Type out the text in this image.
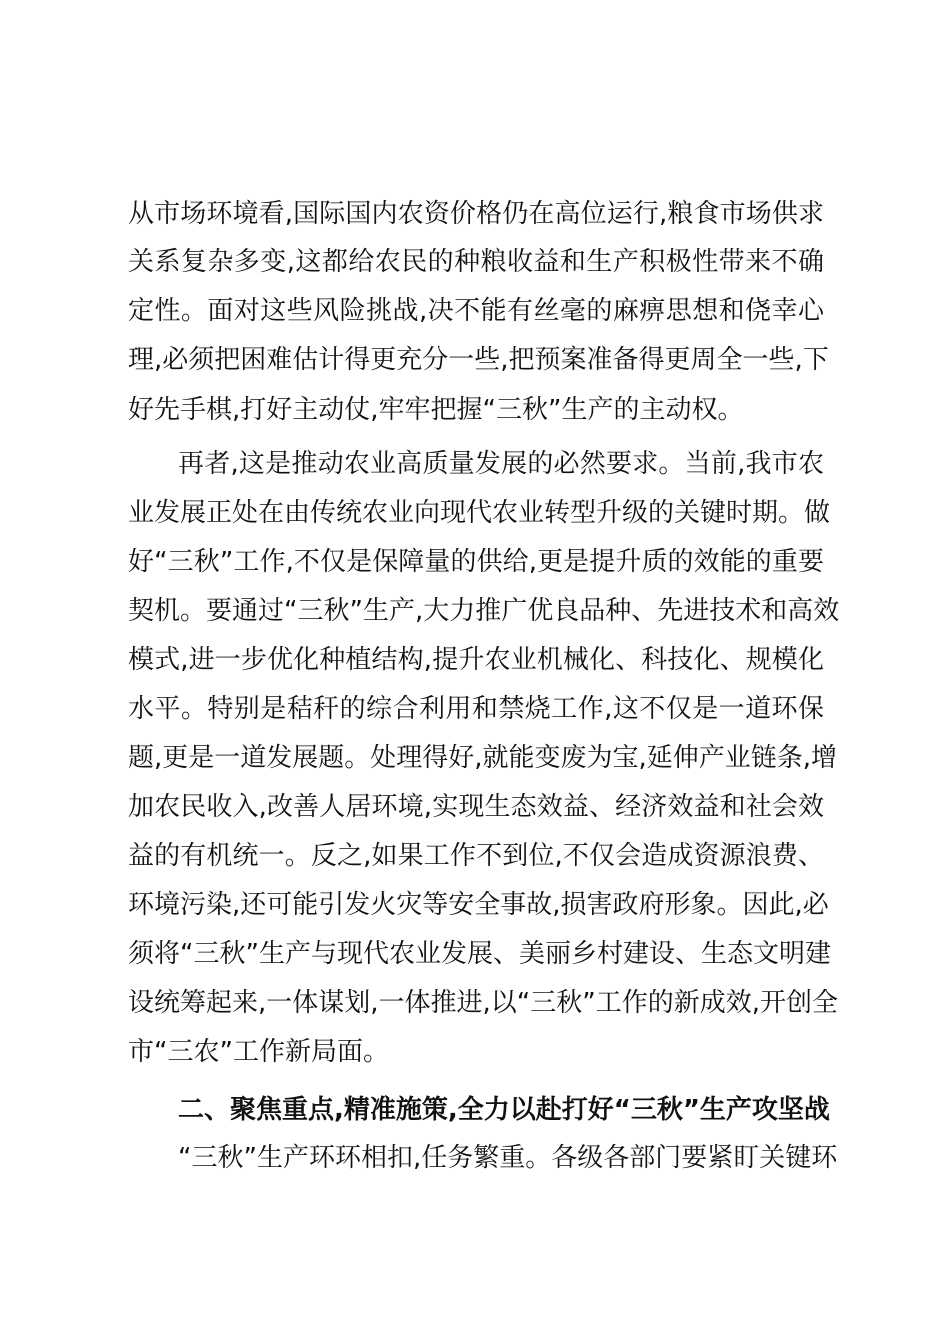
从市场环境看,国际国内农资价格仍在高位运行,粮食市场供求
关系复杂多变,这都给农民的种粮收益和生产积极性带来不确
定性。面对这些风险挑战,决不能有丝毫的麻痹思想和侥幸心
理,必须把困难估计得更充分一些,把预案准备得更周全一些,下
好先手棋,打好主动仗,牢牢把握“三秋”生产的主动权。
再者,这是推动农业高质量发展的必然要求。当前,我市农
业发展正处在由传统农业向现代农业转型升级的关键时期。做
好“三秋”工作,不仅是保障量的供给,更是提升质的效能的重要
契机。要通过“三秋”生产,大力推广优良品种、先进技术和高效
模式,进一步优化种植结构,提升农业机械化、科技化、规模化
水平。特别是秸秆的综合利用和禁烧工作,这不仅是一道环保
题,更是一道发展题。处理得好,就能变废为宝,延伸产业链条,增
加农民收入,改善人居环境,实现生态效益、经济效益和社会效
益的有机统一。反之,如果工作不到位,不仅会造成资源浪费、
环境污染,还可能引发火灾等安全事故,损害政府形象。因此,必
须将“三秋”生产与现代农业发展、美丽乡村建设、生态文明建
设统筹起来,一体谋划,一体推进,以“三秋”工作的新成效,开创全
市“三农”工作新局面。
二、聚焦重点,精准施策,全力以赴打好“三秋”生产攻坚战
“三秋”生产环环相扣,任务繁重。各级各部门要紧盯关键环
